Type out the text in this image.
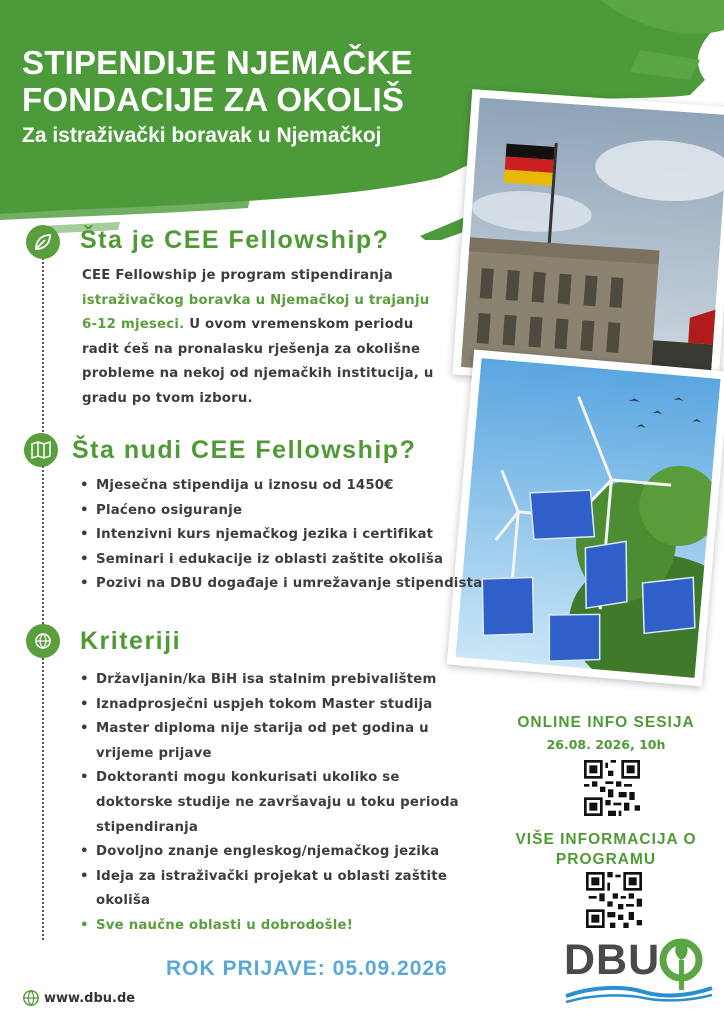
STIPENDIJE NJEMAČKE
FONDACIJE ZA OKOLIŠ
Za istraživački boravak u Njemačkoj
Šta je CEE Fellowship?
CEE Fellowship je program stipendiranja
istraživačkog boravka u Njemačkoj u trajanju
6-12 mjeseci. U ovom vremenskom periodu
radit ćeš na pronalasku rješenja za okolišne
probleme na nekoj od njemačkih institucija, u
gradu po tvom izboru.
Šta nudi CEE Fellowship?
• Mjesečna stipendija u iznosu od 1450€
• Plaćeno osiguranje
• Intenzivni kurs njemačkog jezika i certifikat
• Seminari i edukacije iz oblasti zaštite okoliša
• Pozivi na DBU događaje i umrežavanje stipendista
Kriteriji
• Državljanin/ka BiH isa stalnim prebivalištem
• Iznadprosječni uspjeh tokom Master studija
• Master diploma nije starija od pet godina u
vrijeme prijave
• Doktoranti mogu konkurisati ukoliko se
doktorske studije ne završavaju u toku perioda
stipendiranja
• Dovoljno znanje engleskog/njemačkog jezika
• Ideja za istraživački projekat u oblasti zaštite
okoliša
• Sve naučne oblasti u dobrodošle!
ONLINE INFO SESIJA
26.08. 2026, 10h
VIŠE INFORMACIJA O
PROGRAMU
ROK PRIJAVE: 05.09.2026
www.dbu.de
DBU
